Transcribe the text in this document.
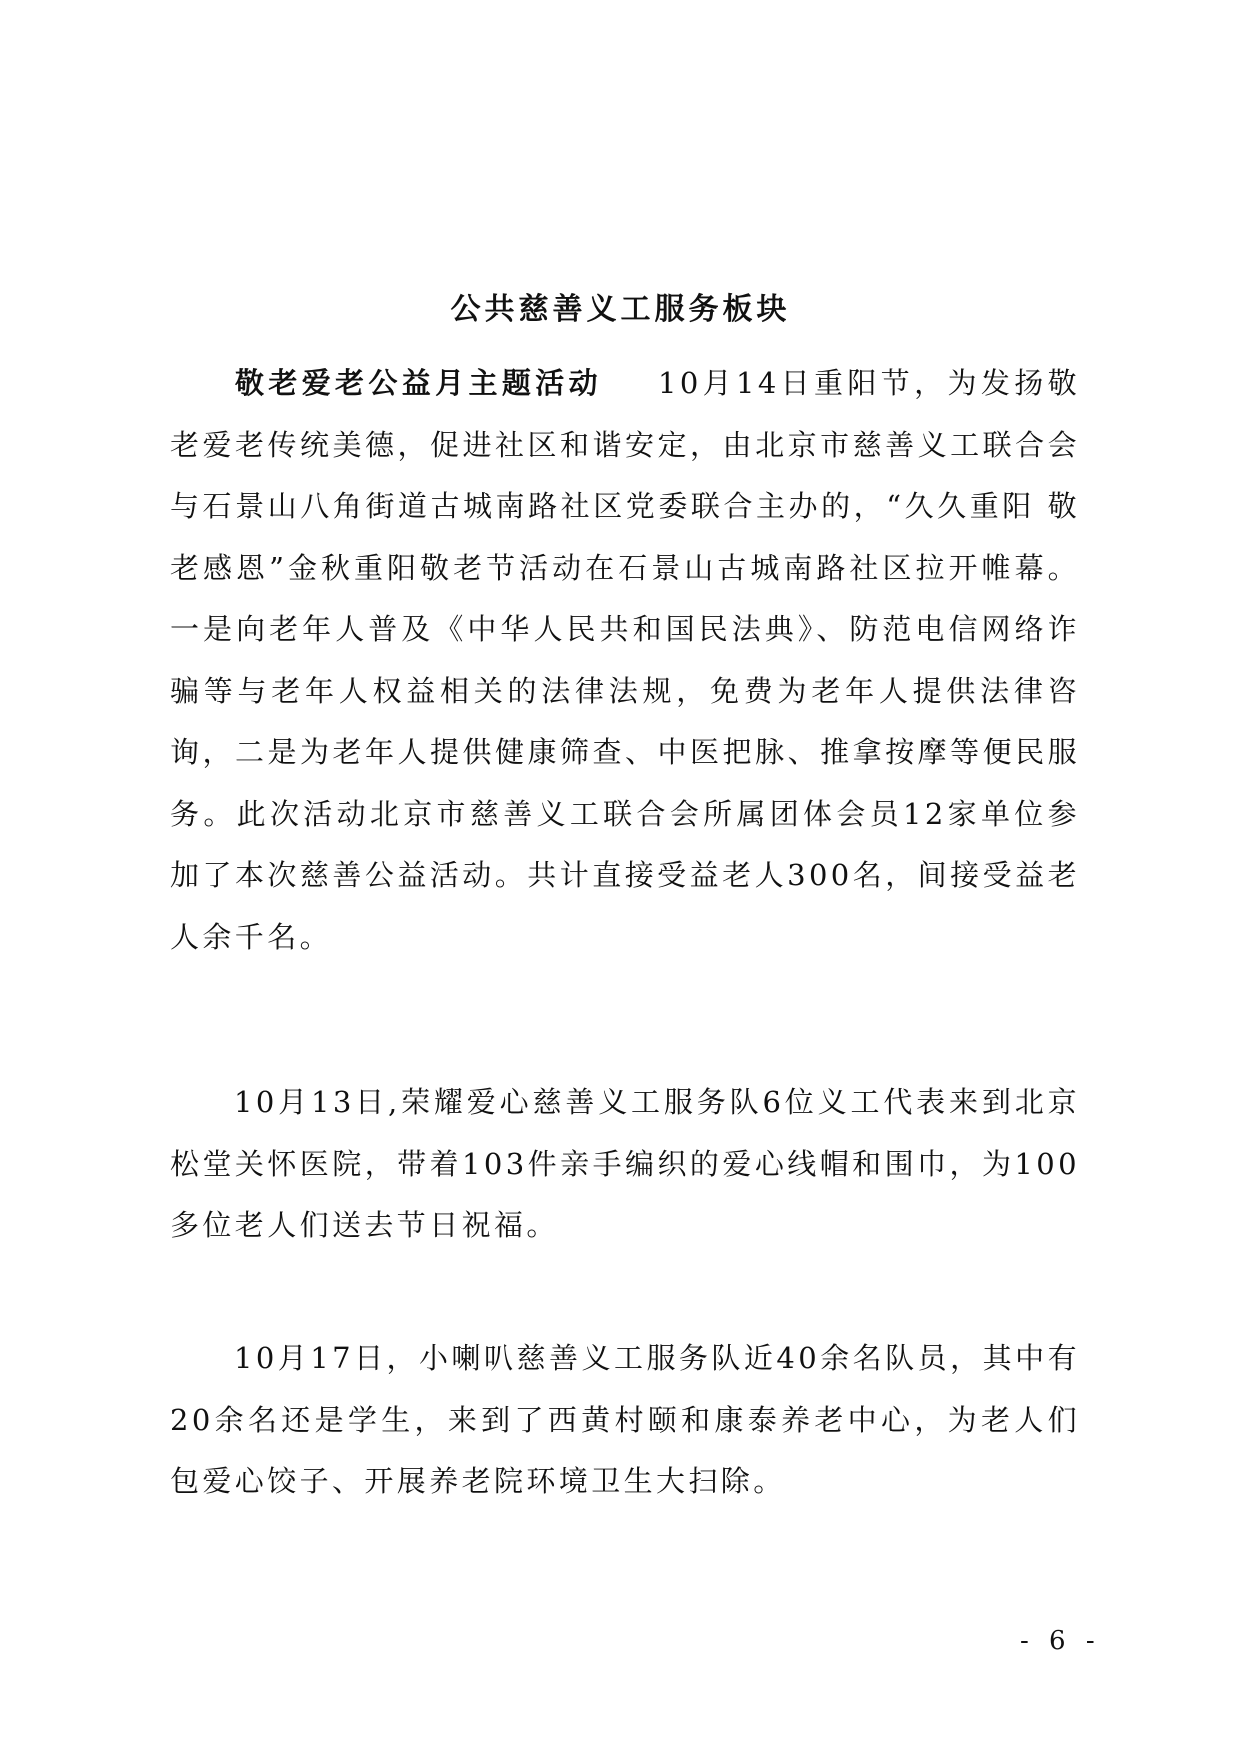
公共慈善义工服务板块
敬老爱老公益月主题活动 10月14日重阳节，为发扬敬老爱老传统美德，促进社区和谐安定，由北京市慈善义工联合会与石景山八角街道古城南路社区党委联合主办的，“久久重阳 敬老感恩”金秋重阳敬老节活动在石景山古城南路社区拉开帷幕。一是向老年人普及《中华人民共和国民法典》、防范电信网络诈骗等与老年人权益相关的法律法规，免费为老年人提供法律咨询，二是为老年人提供健康筛查、中医把脉、推拿按摩等便民服务。此次活动北京市慈善义工联合会所属团体会员12家单位参加了本次慈善公益活动。共计直接受益老人300名，间接受益老人余千名。
10月13日,荣耀爱心慈善义工服务队6位义工代表来到北京松堂关怀医院，带着103件亲手编织的爱心线帽和围巾，为100多位老人们送去节日祝福。
10月17日，小喇叭慈善义工服务队近40余名队员，其中有20余名还是学生，来到了西黄村颐和康泰养老中心，为老人们包爱心饺子、开展养老院环境卫生大扫除。
- 6 -
